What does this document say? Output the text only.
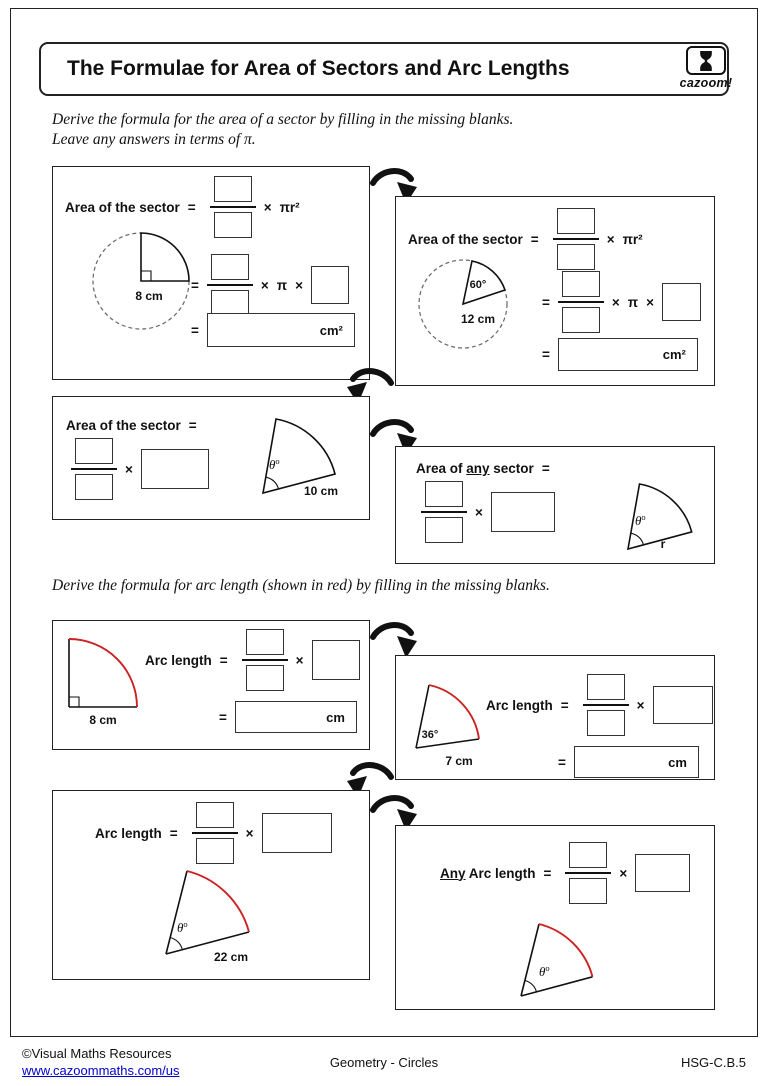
The Formulae for Area of Sectors and Arc Lengths
cazoom!
Derive the formula for the area of a sector by filling in the missing blanks.
Leave any answers in terms of π.
Area of the sector =	× πr²
8 cm
=	× π ×
=	cm²
Area of the sector =	× πr²
60°
12 cm
=	× π ×
=	cm²
Area of the sector =
×	$\theta^o$
10 cm
Area of any sector =
×
$\theta^o$
r
Derive the formula for arc length (shown in red) by filling in the missing blanks.
8 cm
Arc length =	×
=	cm
36°
7 cm
Arc length =	×
=	cm
Arc length =	×
$\theta^o$
22 cm
Any Arc length =	×
$\theta^o$
©Visual Maths Resources
www.cazoommaths.com/us
Geometry - Circles	HSG-C.B.5
